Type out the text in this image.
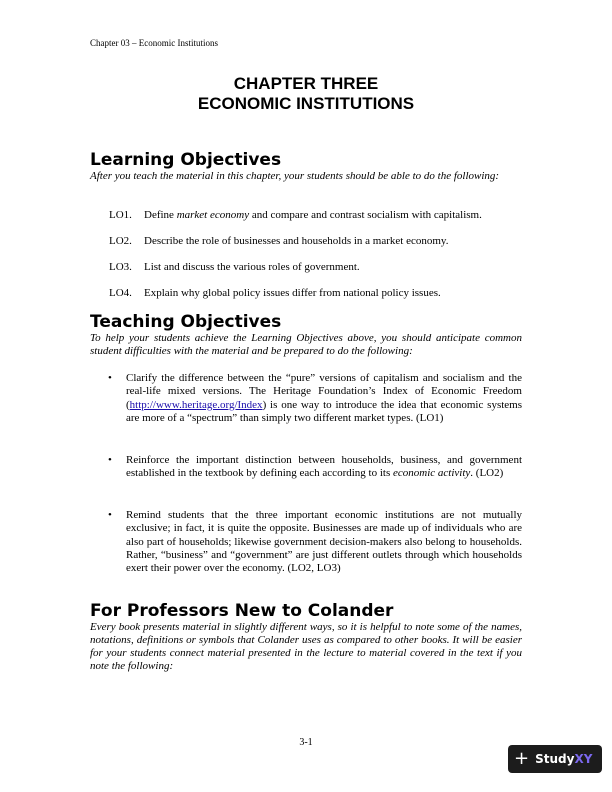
Chapter 03 – Economic Institutions
CHAPTER THREE
ECONOMIC INSTITUTIONS
Learning Objectives

After you teach the material in this chapter, your students should be able to do the following:

LO1. Define market economy and compare and contrast socialism with capitalism.
LO2. Describe the role of businesses and households in a market economy.
LO3. List and discuss the various roles of government.
LO4. Explain why global policy issues differ from national policy issues.
Teaching Objectives

To help your students achieve the Learning Objectives above, you should anticipate common student difficulties with the material and be prepared to do the following:

•	Clarify the difference between the “pure” versions of capitalism and socialism and the real-life mixed versions. The Heritage Foundation’s Index of Economic Freedom (http://www.heritage.org/Index) is one way to introduce the idea that economic systems are more of a “spectrum” than simply two different market types. (LO1)
•	Reinforce the important distinction between households, business, and government established in the textbook by defining each according to its economic activity. (LO2)
•	Remind students that the three important economic institutions are not mutually exclusive; in fact, it is quite the opposite. Businesses are made up of individuals who are also part of households; likewise government decision-makers also belong to households. Rather, “business” and “government” are just different outlets through which households exert their power over the economy. (LO2, LO3)
For Professors New to Colander

Every book presents material in slightly different ways, so it is helpful to note some of the names, notations, definitions or symbols that Colander uses as compared to other books. It will be easier for your students connect material presented in the lecture to material covered in the text if you note the following:

3-1
+ Study XY
